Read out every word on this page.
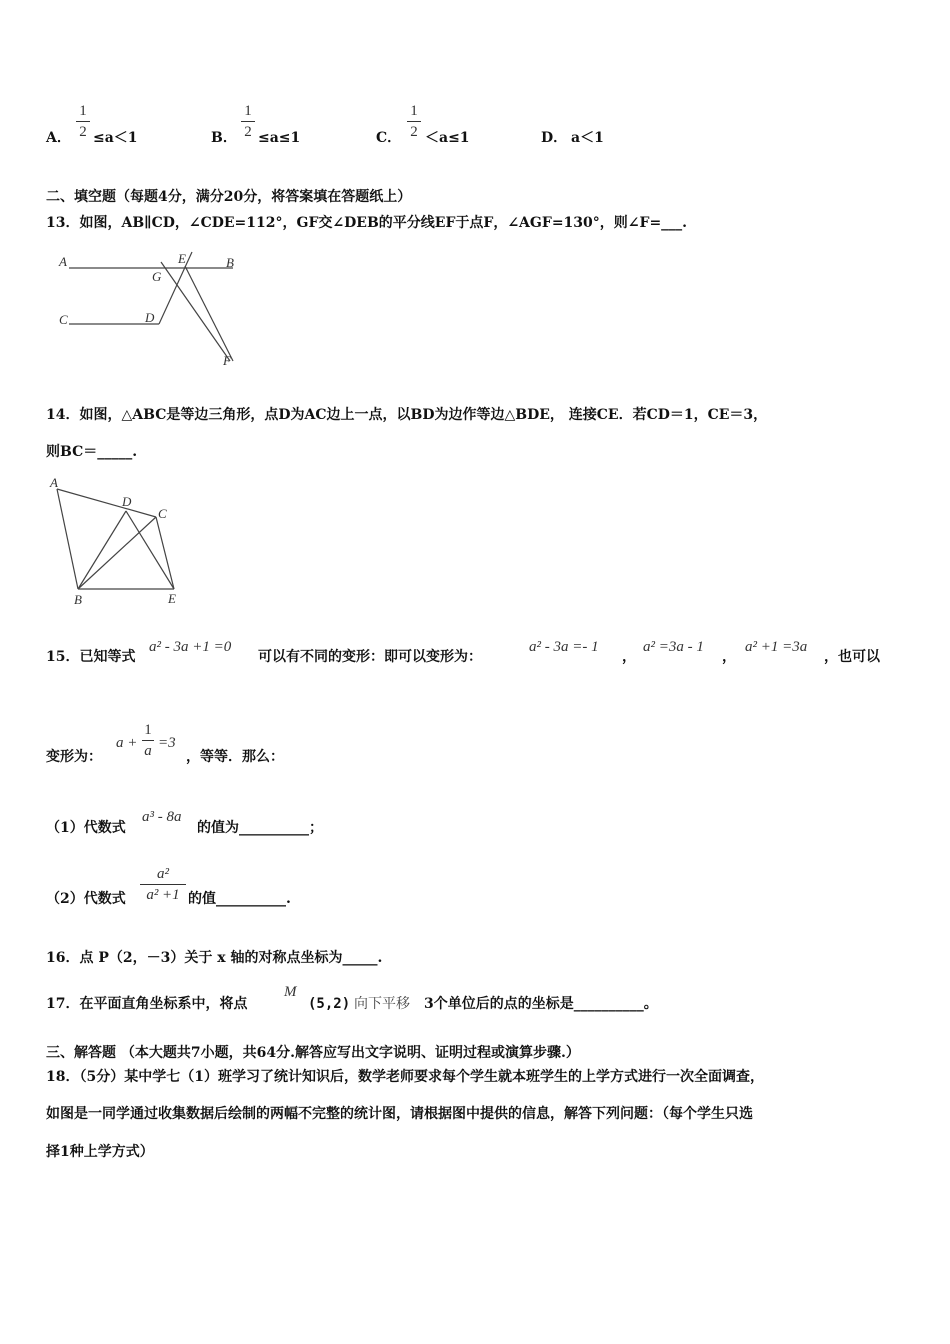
A．
1
2 ≤a＜1	B．
1
2 ≤a≤1	C．
1
2 ＜a≤1	D． a＜1
二、填空题（每题4分，满分20分，将答案填在答题纸上）
13．如图，AB∥CD，∠CDE=112°，GF交∠DEB的平分线EF于点F，∠AGF=130°，则∠F=___.
A	B
C	D
E
G
F
14．如图，△ABC是等边三角形，点D为AC边上一点，以BD为边作等边△BDE， 连接CE．若CD＝1，CE＝3，
则BC＝_____.
A
B
C
D
E
15．已知等式
a² - 3a +1 =0
可以有不同的变形：即可以变形为：
a² - 3a =- 1
，
a² =3a - 1
，
a² +1 =3a
，也可以
变形为：
a +
1
a =3
，等等．那么：
（1）代数式
a³ - 8a
的值为__________；
（2）代数式
a²
a² +1 的值__________.
16．点 P（2，－3）关于 x 轴的对称点坐标为_____.
17．在平面直角坐标系中，将点
M
(5,2) 向下平移 3个单位后的点的坐标是__________。
三、解答题 （本大题共7小题，共64分.解答应写出文字说明、证明过程或演算步骤.）
18．（5分）某中学七（1）班学习了统计知识后，数学老师要求每个学生就本班学生的上学方式进行一次全面调查，
如图是一同学通过收集数据后绘制的两幅不完整的统计图，请根据图中提供的信息，解答下列问题：（每个学生只选
择1种上学方式）
